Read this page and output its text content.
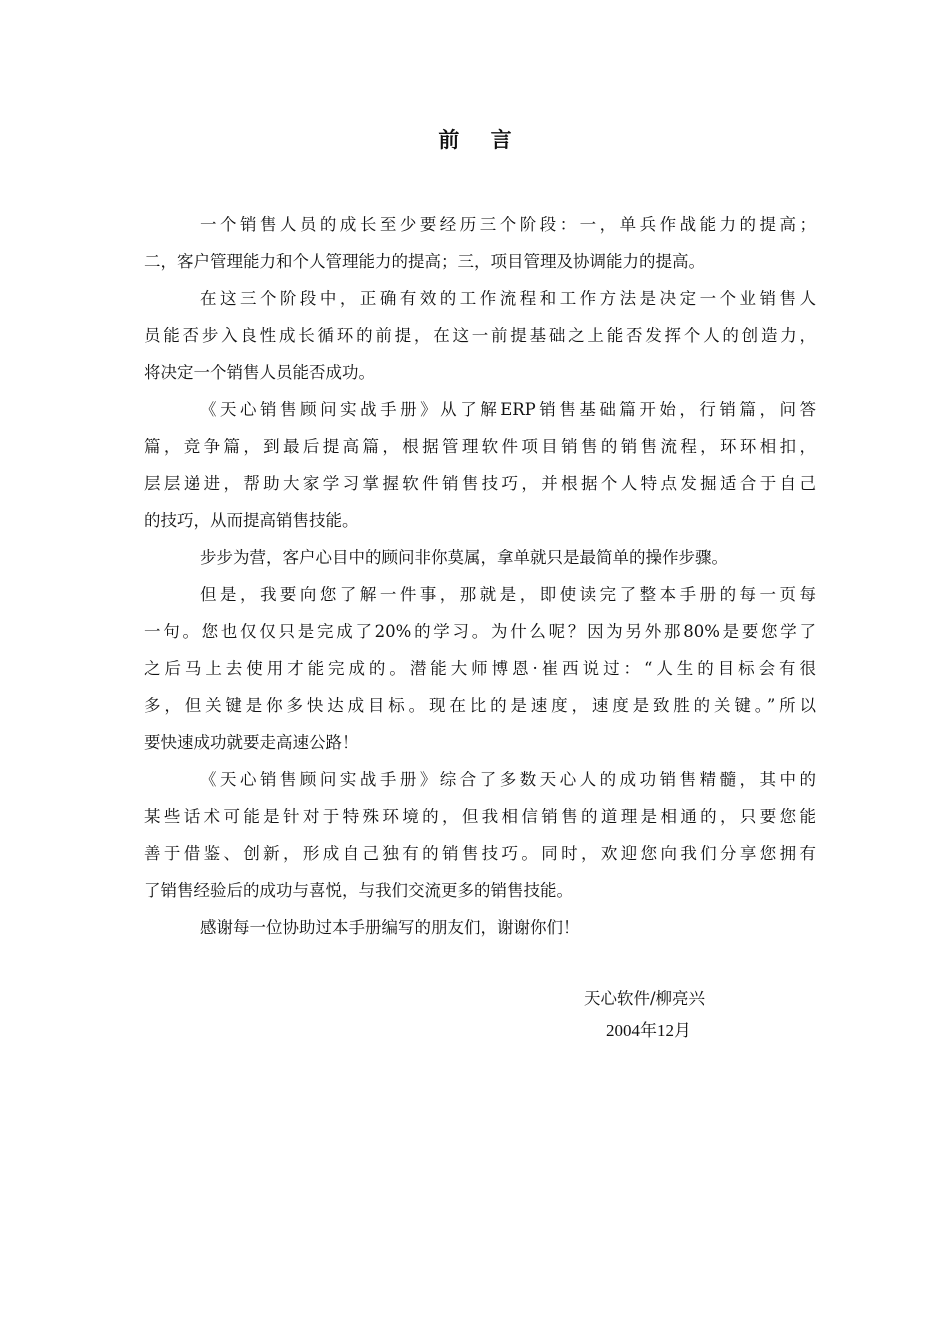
前 言
一个销售人员的成长至少要经历三个阶段：一，单兵作战能力的提高；
二，客户管理能力和个人管理能力的提高；三，项目管理及协调能力的提高。
在这三个阶段中，正确有效的工作流程和工作方法是决定一个业销售人
员能否步入良性成长循环的前提，在这一前提基础之上能否发挥个人的创造力，
将决定一个销售人员能否成功。
《天心销售顾问实战手册》从了解ERP销售基础篇开始，行销篇，问答
篇，竞争篇，到最后提高篇，根据管理软件项目销售的销售流程，环环相扣，
层层递进，帮助大家学习掌握软件销售技巧，并根据个人特点发掘适合于自己
的技巧，从而提高销售技能。
步步为营，客户心目中的顾问非你莫属，拿单就只是最简单的操作步骤。
但是，我要向您了解一件事，那就是，即使读完了整本手册的每一页每
一句。您也仅仅只是完成了20%的学习。为什么呢？因为另外那80%是要您学了
之后马上去使用才能完成的。潜能大师博恩·崔西说过：“人生的目标会有很
多，但关键是你多快达成目标。现在比的是速度，速度是致胜的关键。”所以
要快速成功就要走高速公路！
《天心销售顾问实战手册》综合了多数天心人的成功销售精髓，其中的
某些话术可能是针对于特殊环境的，但我相信销售的道理是相通的，只要您能
善于借鉴、创新，形成自己独有的销售技巧。同时，欢迎您向我们分享您拥有
了销售经验后的成功与喜悦，与我们交流更多的销售技能。
感谢每一位协助过本手册编写的朋友们，谢谢你们！
天心软件/柳亮兴
2004年12月
